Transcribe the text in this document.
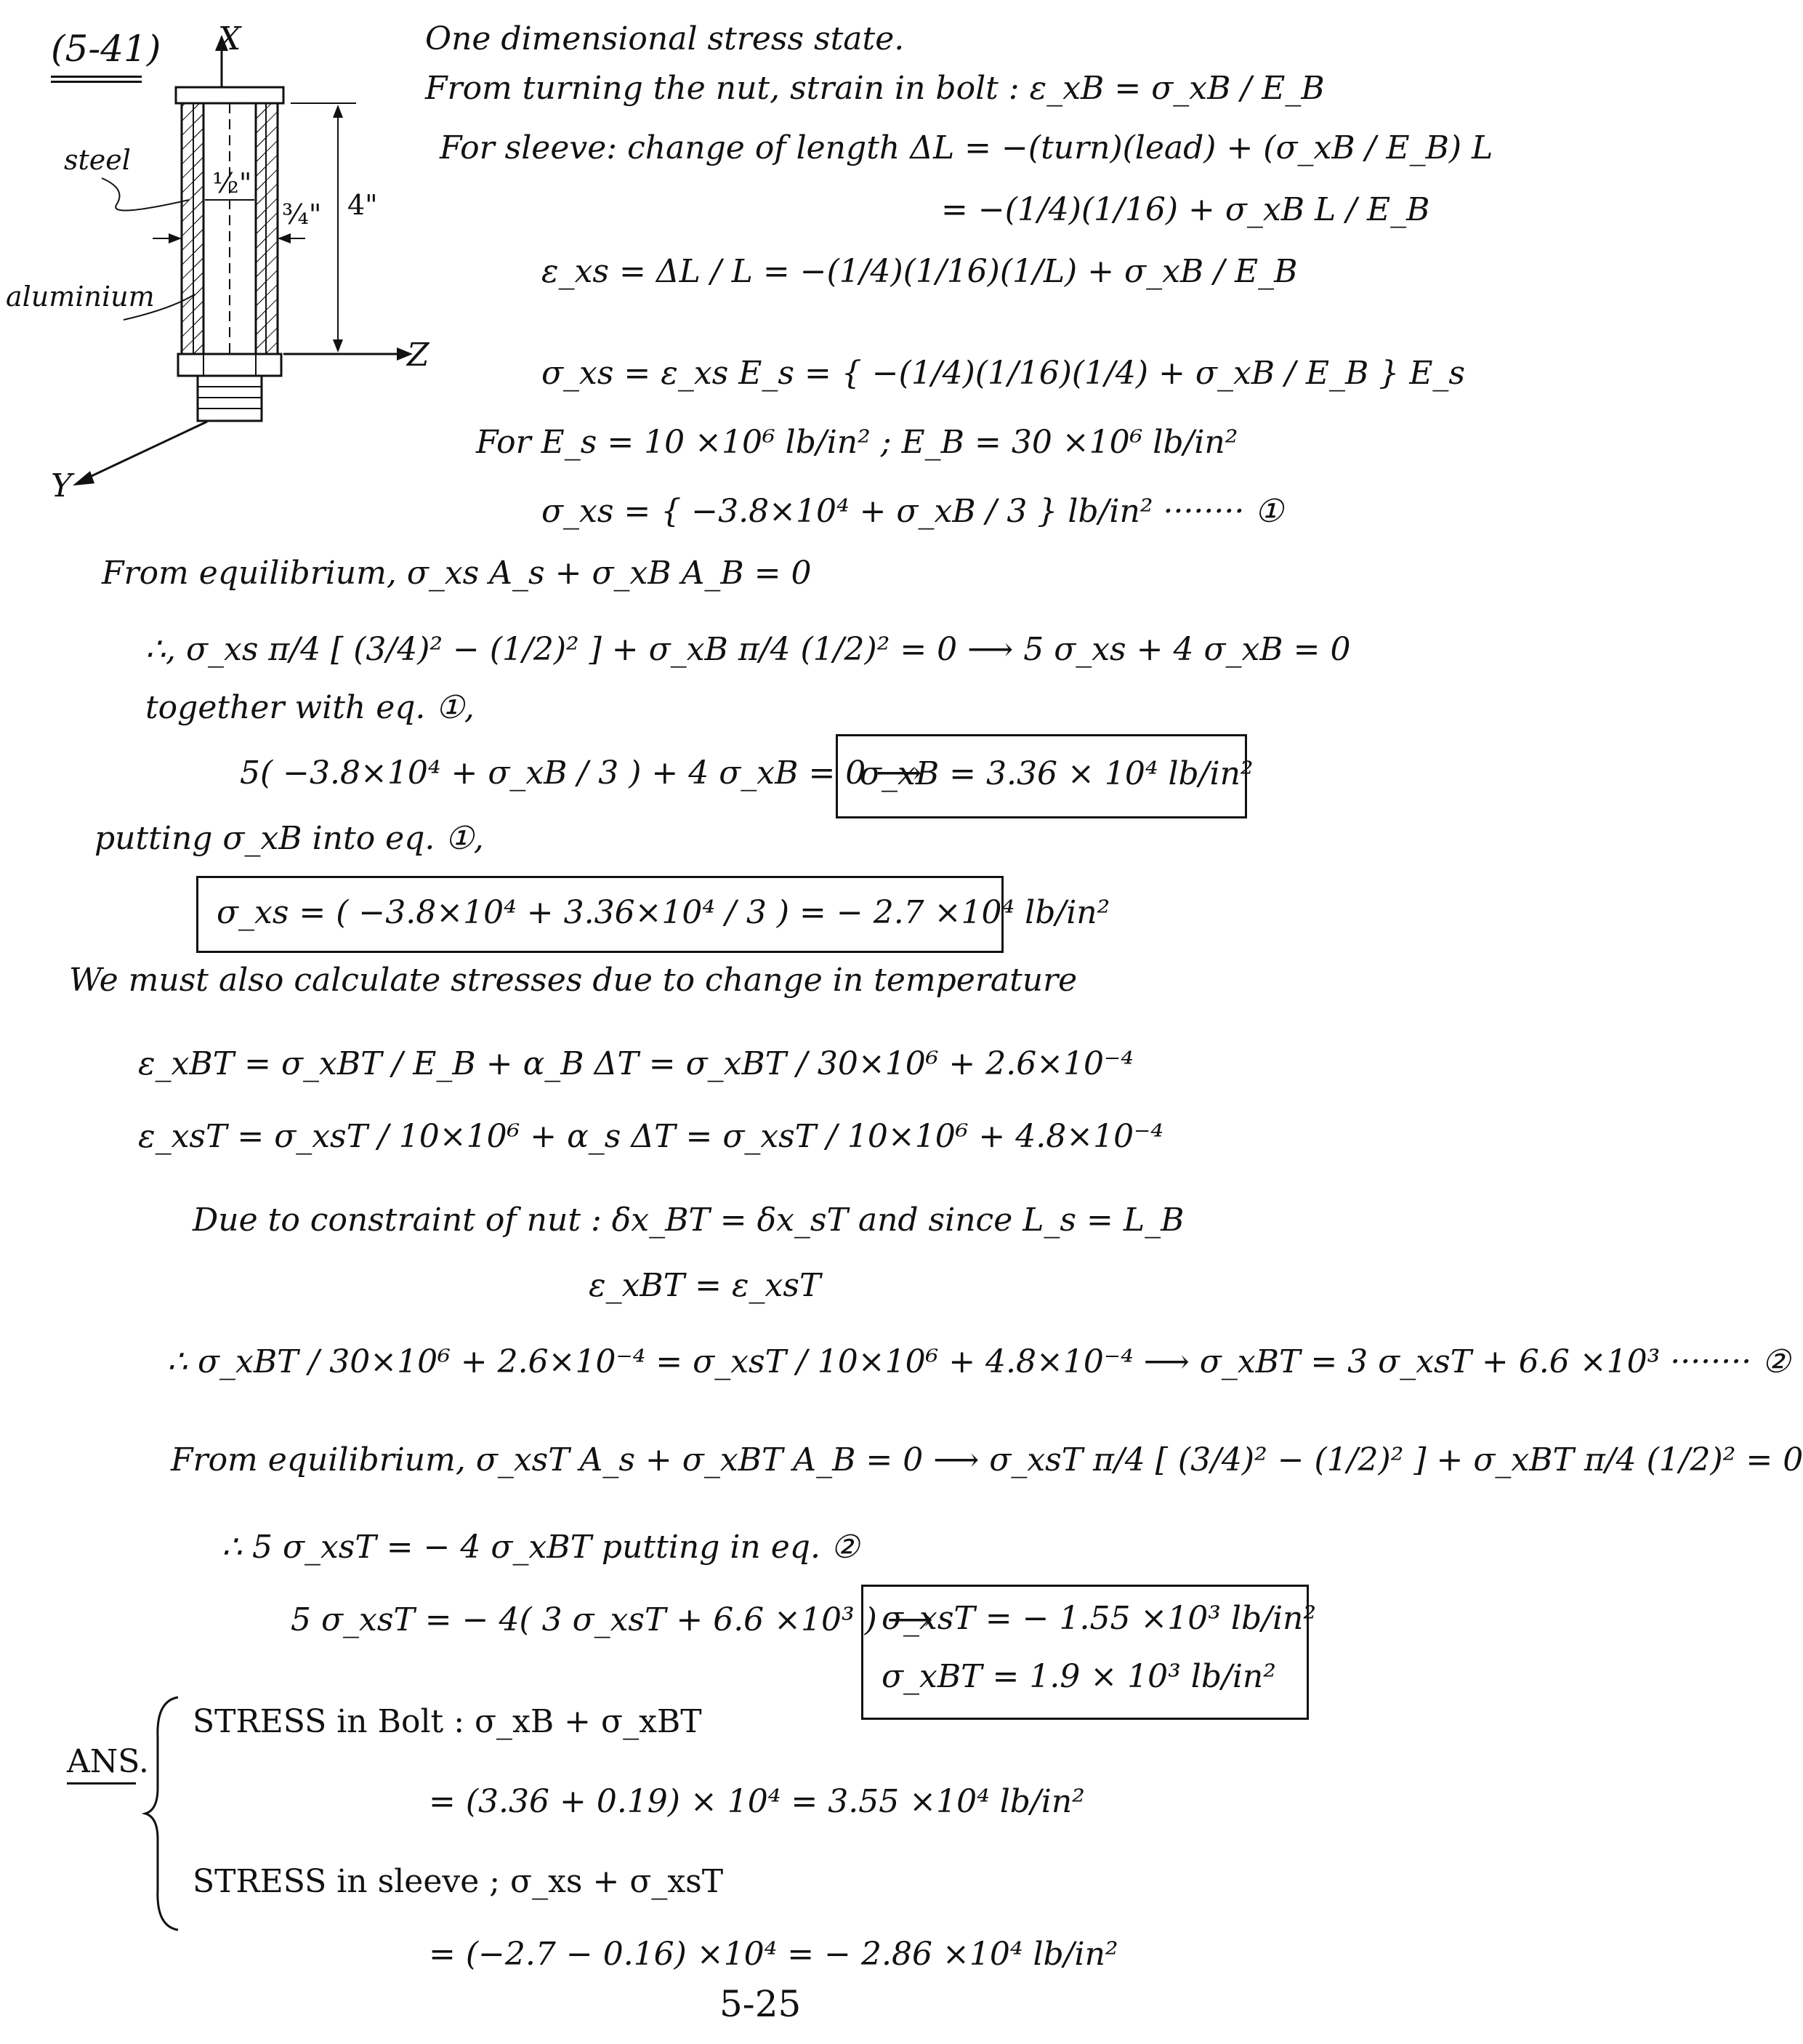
(5-41) X
Z
Y
steel
aluminium
½"
¾" 4"
One dimensional stress state.
From turning the nut, strain in bolt : ε_xB = σ_xB / E_B
For sleeve: change of length ΔL = −(turn)(lead) + (σ_xB / E_B) L
= −(1/4)(1/16) + σ_xB L / E_B
ε_xs = ΔL / L = −(1/4)(1/16)(1/L) + σ_xB / E_B
σ_xs = ε_xs E_s = { −(1/4)(1/16)(1/4) + σ_xB / E_B } E_s
For E_s = 10 ×10⁶ lb/in² ; E_B = 30 ×10⁶ lb/in²
σ_xs = { −3.8×10⁴ + σ_xB / 3 } lb/in² ········ ①
From equilibrium, σ_xs A_s + σ_xB A_B = 0
∴, σ_xs π/4 [ (3/4)² − (1/2)² ] + σ_xB π/4 (1/2)² = 0 ⟶ 5 σ_xs + 4 σ_xB = 0
together with eq. ①,
5( −3.8×10⁴ + σ_xB / 3 ) + 4 σ_xB = 0 ⟶
σ_xB = 3.36 × 10⁴ lb/in²
putting σ_xB into eq. ①,
σ_xs = ( −3.8×10⁴ + 3.36×10⁴ / 3 ) = − 2.7 ×10⁴ lb/in²
We must also calculate stresses due to change in temperature
ε_xBT = σ_xBT / E_B + α_B ΔT = σ_xBT / 30×10⁶ + 2.6×10⁻⁴
ε_xsT = σ_xsT / 10×10⁶ + α_s ΔT = σ_xsT / 10×10⁶ + 4.8×10⁻⁴
Due to constraint of nut : δx_BT = δx_sT and since L_s = L_B
ε_xBT = ε_xsT
∴ σ_xBT / 30×10⁶ + 2.6×10⁻⁴ = σ_xsT / 10×10⁶ + 4.8×10⁻⁴ ⟶ σ_xBT = 3 σ_xsT + 6.6 ×10³ ········ ②
From equilibrium, σ_xsT A_s + σ_xBT A_B = 0 ⟶ σ_xsT π/4 [ (3/4)² − (1/2)² ] + σ_xBT π/4 (1/2)² = 0
∴ 5 σ_xsT = − 4 σ_xBT putting in eq. ②
5 σ_xsT = − 4( 3 σ_xsT + 6.6 ×10³ ) ⟶
σ_xsT = − 1.55 ×10³ lb/in²
σ_xBT = 1.9 × 10³ lb/in²
ANS.
STRESS in Bolt : σ_xB + σ_xBT
= (3.36 + 0.19) × 10⁴ = 3.55 ×10⁴ lb/in²
STRESS in sleeve ; σ_xs + σ_xsT
= (−2.7 − 0.16) ×10⁴ = − 2.86 ×10⁴ lb/in²
5-25
